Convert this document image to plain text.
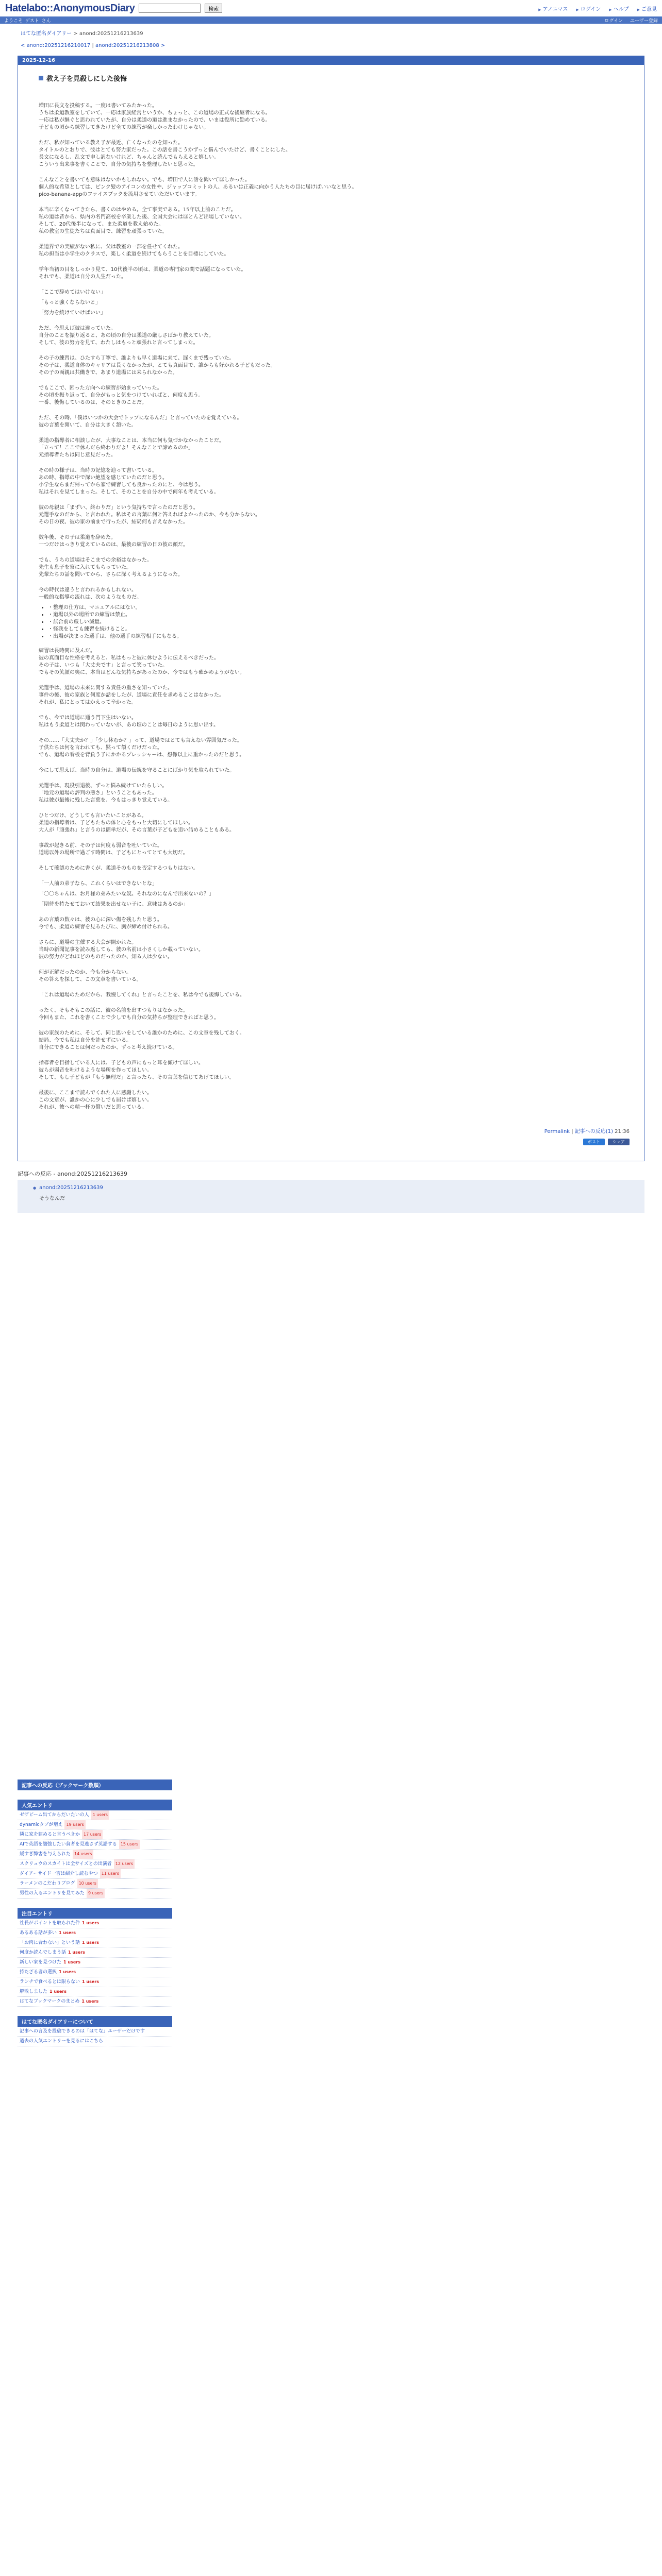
Hatelabo::AnonymousDiary	検索	▶ アノニマス	▶ ログイン	▶ ヘルプ	▶ ご意見
ようこそ ゲスト さん	ログイン ユーザー登録
はてな匿名ダイアリー > anond:20251216213639
< anond:20251216210017 | anond:20251216213808 >
2025-12-16
教え子を見殺しにした後悔

増田に長文を投稿する。一度は書いてみたかった。
うちは柔道教室をしていて、一応は家族経営というか、ちょっと、この道場の正式な後継者になる。
一応は私が継ぐと思われていたが、自分は柔道の道は進まなかったので、いまは役所に勤めている。
子どもの頃から練習してきたけど全ての練習が楽しかったわけじゃない。

ただ、私が知っている教え子が最近、亡くなったのを知った。
タイトルのとおりで、彼はとても努力家だった。この話を書こうかずっと悩んでいたけど、書くことにした。
長文になるし、乱文で申し訳ないけれど、ちゃんと読んでもらえると嬉しい。
こういう出来事を書くことで、自分の気持ちを整理したいと思った。

こんなことを書いても意味はないかもしれない。でも、増田で人に話を聞いてほしかった。
個人的な希望としては、ピンク髪のアイコンの女性や、ジャップコミットの人、あるいは正義に向かう人たちの目に届けばいいなと思う。
pico-banana-appのファイスブックを流用させていただいています。

本当に辛くなってきたら、書くのはやめる。全て事実である。15年以上前のことだ。
私の道は昔から、県内の名門高校を卒業した後、全国大会にはほとんど出場していない。
そして、20代後半になって、また柔道を教え始めた。
私の教室の生徒たちは真面目で、練習を頑張っていた。

柔道界での実績がない私に、父は教室の一部を任せてくれた。
私の担当は小学生のクラスで、楽しく柔道を続けてもらうことを目標にしていた。

学年当初の目をしっかり見て、10代後半の頃は、柔道の専門家の間で話題になっていた。
それでも、柔道は自分の人生だった。

「ここで辞めてはいけない」

「もっと強くならないと」

「努力を続けていけばいい」

ただ、今思えば彼は違っていた。
自分のことを振り返ると、あの頃の自分は柔道の厳しさばかり教えていた。
そして、彼の努力を見て、わたしはもっと頑張れと言ってしまった。

その子の練習は、ひたすら丁寧で、誰よりも早く道場に来て、遅くまで残っていた。
その子は、柔道自体のキャリアは長くなかったが、とても真面目で、誰からも好かれる子どもだった。
その子の両親は共働きで、あまり道場には来られなかった。

でもここで、困った方向への練習が始まっていった。
その頃を振り返って、自分がもっと気をつけていればと、何度も思う。
一番、後悔しているのは、そのときのことだ。

ただ、その時、「僕はいつかの大会でトップになるんだ」と言っていたのを覚えている。
彼の言葉を聞いて、自分は大きく頷いた。

柔道の指導者に相談したが、大事なことは、本当に何も気づかなかったことだ。
「立って！ここで休んだら終わりだよ！そんなことで諦めるのか」
元指導者たちは同じ意見だった。

その時の様子は、当時の記憶を辿って書いている。
あの時、指導の中で深い絶望を感じていたのだと思う。
小学生ならまだ帰ってから家で練習しても良かったのにと、今は思う。
私はそれを見てしまった。そして、そのことを自分の中で何年も考えている。

彼の母親は「まずい、終わりだ」という気持ちで言ったのだと思う。
元選手なのだから、と言われた。私はその言葉に何と答えればよかったのか、今も分からない。
その日の夜、彼の家の前まで行ったが、結局何も言えなかった。

数年後、その子は柔道を辞めた。
一つだけはっきり覚えているのは、最後の練習の日の彼の顔だ。

でも、うちの道場はそこまでの余裕はなかった。
先生も息子を寮に入れてもらっていた。
先輩たちの話を聞いてから、さらに深く考えるようになった。

今の時代は違うと言われるかもしれない。
一般的な指導の流れは、次のようなものだ。

• ・整理の仕方は、マニュアルにはない。
• ・道場以外の場所での練習は禁止。
• ・試合前の厳しい減量。
• ・怪我をしても練習を続けること。
• ・出場が決まった選手は、他の選手の練習相手にもなる。

練習は長時間に及んだ。
彼の真面目な性格を考えると、私はもっと彼に休むように伝えるべきだった。
その子は、いつも「大丈夫です」と言って笑っていた。
でもその笑顔の奥に、本当はどんな気持ちがあったのか、今ではもう確かめようがない。

元選手は、道場の未来に関する責任の重さを知っていた。
事件の後、彼の家族と何度か話をしたが、道場に責任を求めることはなかった。
それが、私にとってはかえって辛かった。

でも、今では道場に通う門下生はいない。
私はもう柔道とは関わっていないが、あの頃のことは毎日のように思い出す。

その……「大丈夫か？」「少し休むか？」って、道場ではとても言えない雰囲気だった。
子供たちは何を言われても、黙って頷くだけだった。
でも、道場の看板を背負う子にかかるプレッシャーは、想像以上に重かったのだと思う。

今にして思えば、当時の自分は、道場の伝統を守ることにばかり気を取られていた。

元選手は、現役引退後、ずっと悩み続けていたらしい。
「地元の道場の評判の悪さ」ということもあった。
私は彼が最後に残した言葉を、今もはっきり覚えている。

ひとつだけ、どうしても言いたいことがある。
柔道の指導者は、子どもたちの体と心をもっと大切にしてほしい。
大人が「頑張れ」と言うのは簡単だが、その言葉が子どもを追い詰めることもある。

事故が起きる前、その子は何度も弱音を吐いていた。
道場以外の場所で過ごす時間は、子どもにとってとても大切だ。

そして確認のために書くが、柔道そのものを否定するつもりはない。

「一人前の弟子なら、これくらいはできないとな」

「〇〇ちゃんは、お月様の弟みたいな奴。それなのになんで出来ないの？」

「期待を持たせておいて結果を出せない子に、意味はあるのか」

あの言葉の数々は、彼の心に深い傷を残したと思う。
今でも、柔道の練習を見るたびに、胸が締め付けられる。

さらに、道場の主催する大会が開かれた。
当時の新聞記事を読み返しても、彼の名前は小さくしか載っていない。
彼の努力がどれほどのものだったのか、知る人は少ない。

何が正解だったのか、今も分からない。
その答えを探して、この文章を書いている。

「これは道場のためだから、我慢してくれ」と言ったことを、私は今でも後悔している。

ったく、そもそもこの話に、彼の名前を出すつもりはなかった。
今回もまた、これを書くことで少しでも自分の気持ちが整理できればと思う。

彼の家族のために、そして、同じ思いをしている誰かのために、この文章を残しておく。
結局、今でも私は自分を許せずにいる。
自分にできることは何だったのか、ずっと考え続けている。

指導者を目指している人には、子どもの声にもっと耳を傾けてほしい。
彼らが弱音を吐けるような場所を作ってほしい。
そして、もし子どもが「もう無理だ」と言ったら、その言葉を信じてあげてほしい。

最後に、ここまで読んでくれた人に感謝したい。
この文章が、誰かの心に少しでも届けば嬉しい。
それが、彼への精一杯の償いだと思っている。

Permalink | 記事への反応(1) 21:36
ポスト	シェア
記事への反応 - anond:20251216213639
● anond:20251216213639
そうなんだ
記事への反応（ブックマーク数順）
人気エントリ
ゼザビーム出てからだいたいの人 1 users
dynamicタブが増え 19 users
隣に家を建めると言うべきか 17 users
AIで英語を勉強したい貧者を見逃さず英語する 15 users
緩すぎ弊害を与えられた 14 users
スクリュウのスカイトは全サイズとの出演者 12 users
ダイアーサイド一言は紹介し読むやつ 11 users
ラーメンのこだわりブログ 10 users
男性の入るエントリを見てみた 9 users
注目エントリ
社長がポイントを取られた件 1 users
あるある話が多い 1 users
「お肉に合わない」という話 1 users
何度か読んでしまう話 1 users
新しい家を見つけた 1 users
持たざる者の選択 1 users
ランチで食べるとは限らない 1 users
解散しました 1 users
はてなブックマークのまとめ 1 users
はてな匿名ダイアリーについて
記事への言及を投稿できるのは「はてな」ユーザーだけです
過去の人気エントリーを見るにはこちら
